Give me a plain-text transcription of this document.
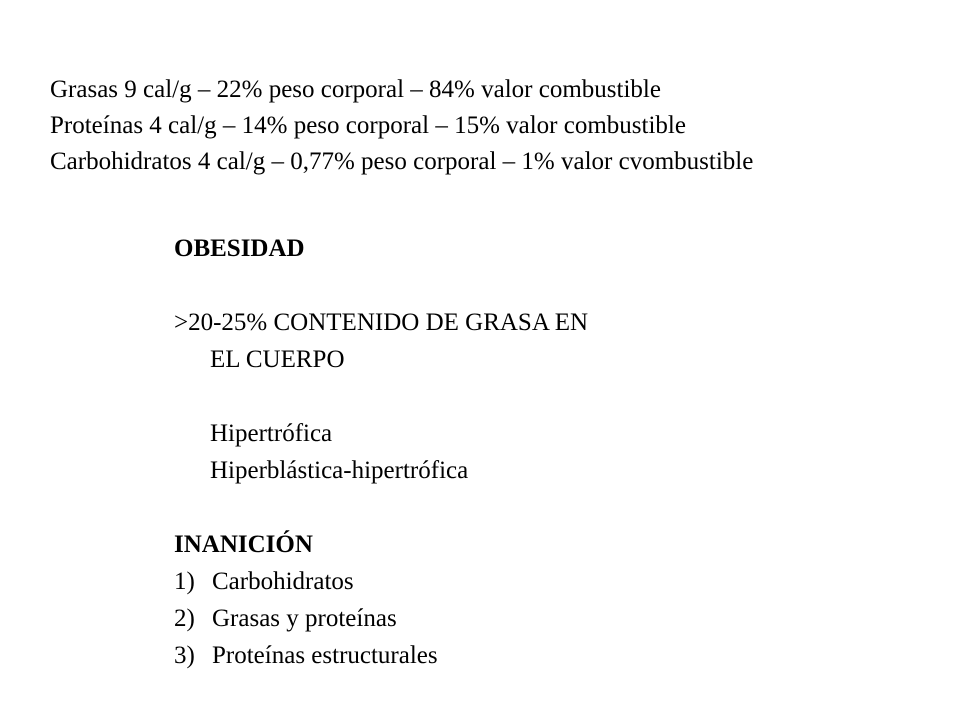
Grasas 9 cal/g – 22% peso corporal – 84% valor combustible
Proteínas 4 cal/g – 14% peso corporal – 15% valor combustible
Carbohidratos 4 cal/g – 0,77% peso corporal – 1% valor cvombustible
OBESIDAD
>20-25% CONTENIDO DE GRASA EN
EL CUERPO
Hipertrófica
Hiperblástica-hipertrófica
INANICIÓN
1) Carbohidratos
2) Grasas y proteínas
3) Proteínas estructurales
